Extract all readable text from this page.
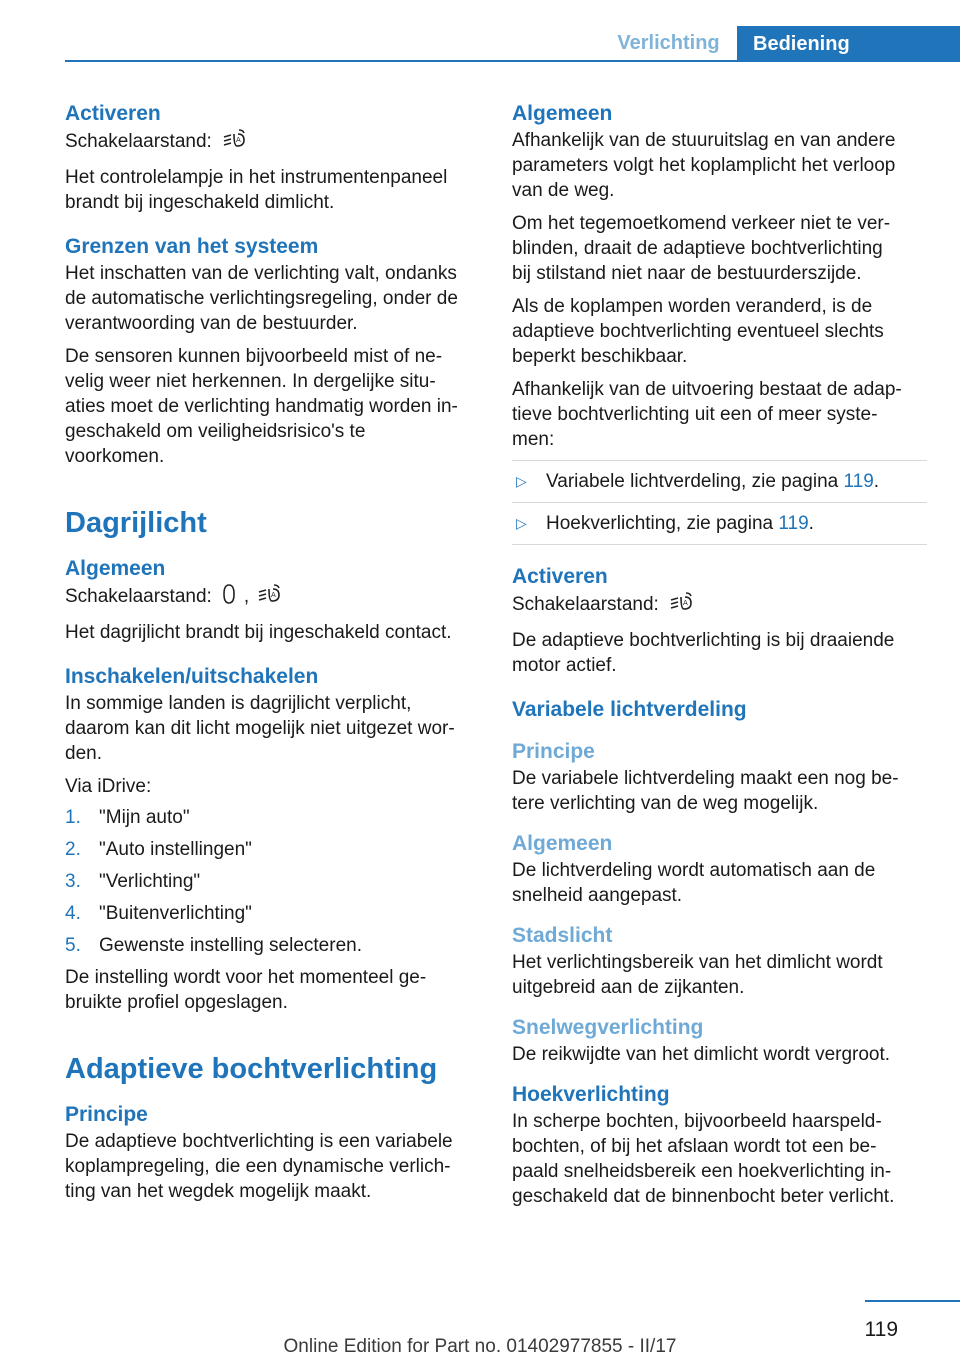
Verlichting	Bediening
Activeren

Schakelaarstand:	A

Het controlelampje in het instrumentenpaneel brandt bij ingeschakeld dimlicht.

Grenzen van het systeem

Het inschatten van de verlichting valt, ondanks de automatische verlichtingsregeling, onder de verantwoording van de bestuurder.

De sensoren kunnen bijvoorbeeld mist of ne-
velig weer niet herkennen. In dergelijke situ-
aties moet de verlichting handmatig worden in-
geschakeld om veiligheidsrisico's te
voorkomen.

Dagrijlicht
Algemeen

Schakelaarstand: ,	A

Het dagrijlicht brandt bij ingeschakeld contact.

Inschakelen/uitschakelen

In sommige landen is dagrijlicht verplicht,
daarom kan dit licht mogelijk niet uitgezet wor-
den.

Via iDrive:

1. "Mijn auto"
2. "Auto instellingen"
3. "Verlichting"
4. "Buitenverlichting"
5. Gewenste instelling selecteren.

De instelling wordt voor het momenteel ge-
bruikte profiel opgeslagen.

Adaptieve bochtverlichting
Principe

De adaptieve bochtverlichting is een variabele
koplampregeling, die een dynamische verlich-
ting van het wegdek mogelijk maakt.

Algemeen

Afhankelijk van de stuuruitslag en van andere
parameters volgt het koplamplicht het verloop
van de weg.

Om het tegemoetkomend verkeer niet te ver-
blinden, draait de adaptieve bochtverlichting
bij stilstand niet naar de bestuurderszijde.

Als de koplampen worden veranderd, is de
adaptieve bochtverlichting eventueel slechts
beperkt beschikbaar.

Afhankelijk van de uitvoering bestaat de adap-
tieve bochtverlichting uit een of meer syste-
men:

▷	Variabele lichtverdeling, zie pagina 119.
▷	Hoekverlichting, zie pagina 119.
Activeren

Schakelaarstand:	A

De adaptieve bochtverlichting is bij draaiende
motor actief.

Variabele lichtverdeling
Principe

De variabele lichtverdeling maakt een nog be-
tere verlichting van de weg mogelijk.

Algemeen

De lichtverdeling wordt automatisch aan de
snelheid aangepast.

Stadslicht

Het verlichtingsbereik van het dimlicht wordt
uitgebreid aan de zijkanten.

Snelwegverlichting

De reikwijdte van het dimlicht wordt vergroot.

Hoekverlichting

In scherpe bochten, bijvoorbeeld haarspeld-
bochten, of bij het afslaan wordt tot een be-
paald snelheidsbereik een hoekverlichting in-
geschakeld dat de binnenbocht beter verlicht.

119
Online Edition for Part no. 01402977855 - II/17
